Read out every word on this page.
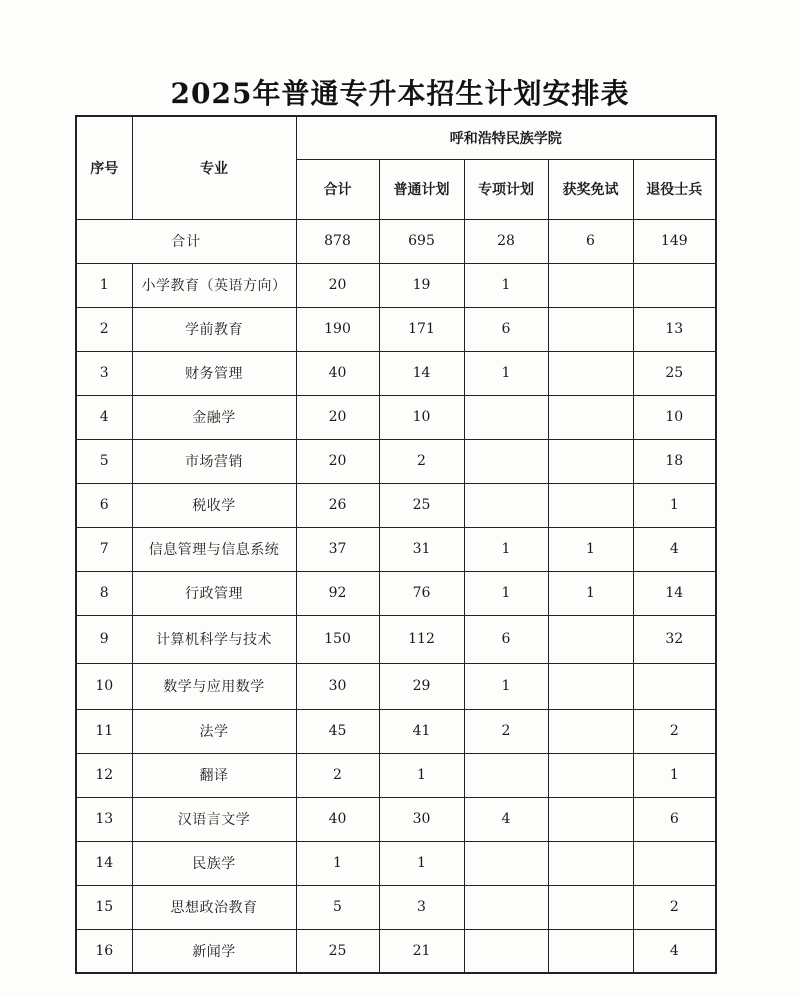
2025年普通专升本招生计划安排表
序号	专业	呼和浩特民族学院				
		合计	普通计划	专项计划	获奖免试	退役士兵
合计		878	695	28	6	149
1	小学教育（英语方向）	20	19	1		
2	学前教育	190	171	6		13
3	财务管理	40	14	1		25
4	金融学	20	10			10
5	市场营销	20	2			18
6	税收学	26	25			1
7	信息管理与信息系统	37	31	1	1	4
8	行政管理	92	76	1	1	14
9	计算机科学与技术	150	112	6		32
10	数学与应用数学	30	29	1		
11	法学	45	41	2		2
12	翻译	2	1			1
13	汉语言文学	40	30	4		6
14	民族学	1	1			
15	思想政治教育	5	3			2
16	新闻学	25	21			4
